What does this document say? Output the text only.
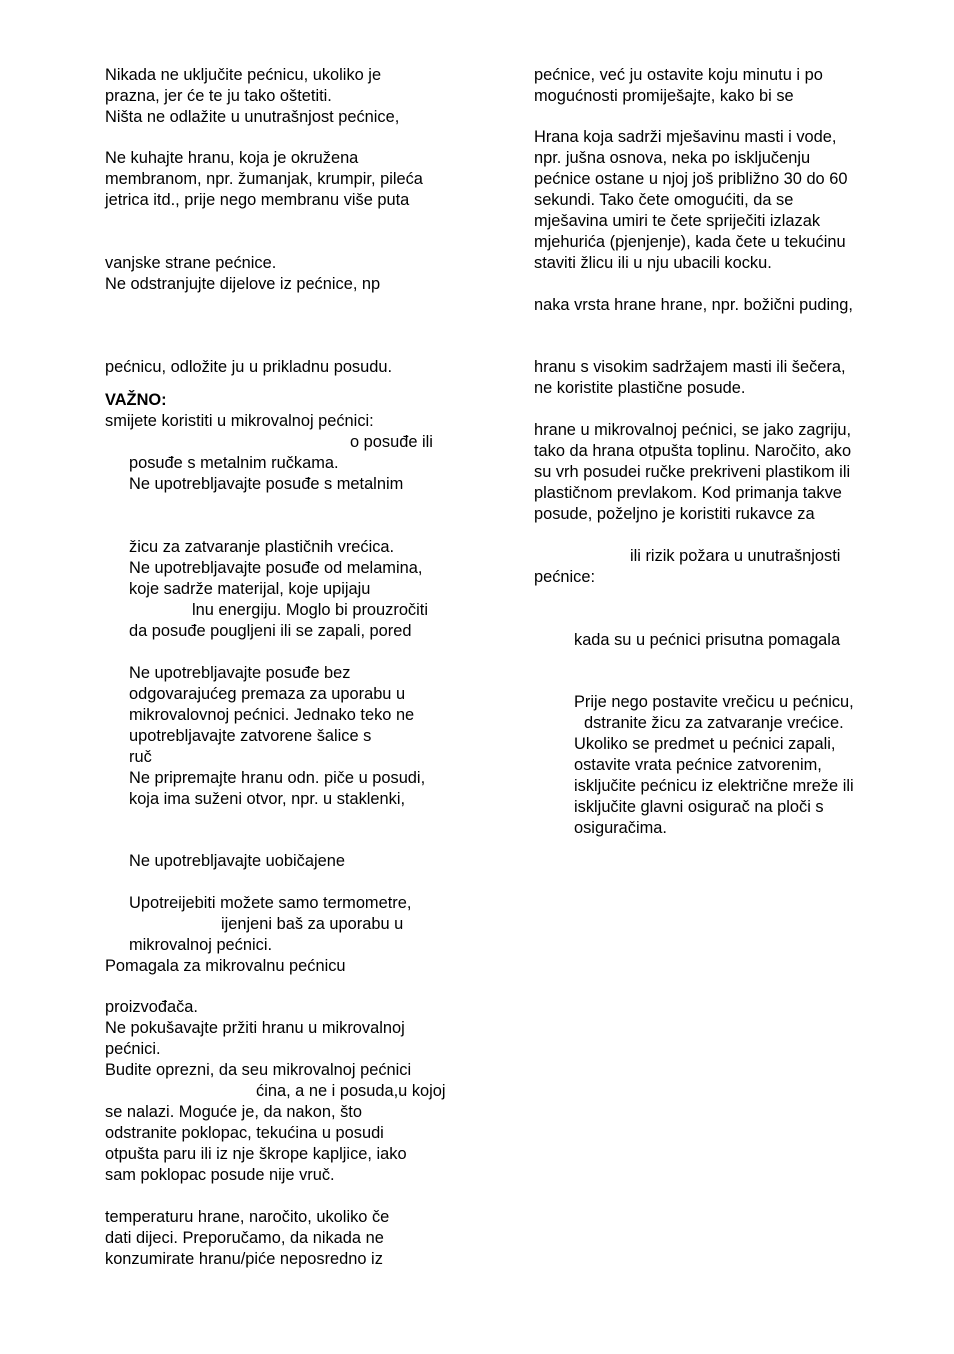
Nikada ne uključite pećnicu, ukoliko je
prazna, jer će te ju tako oštetiti.
Ništa ne odlažite u unutrašnjost pećnice,
Ne kuhajte hranu, koja je okružena
membranom, npr. žumanjak, krumpir, pileća
jetrica itd., prije nego membranu više puta
vanjske strane pećnice.
Ne odstranjujte dijelove iz pećnice, np
pećnicu, odložite ju u prikladnu posudu.
VAŽNO:
smijete koristiti u mikrovalnoj pećnici:
o posuđe ili
posuđe s metalnim ručkama.
Ne upotrebljavajte posuđe s metalnim
žicu za zatvaranje plastičnih vrećica.
Ne upotrebljavajte posuđe od melamina,
koje sadrže materijal, koje upijaju
lnu energiju. Moglo bi prouzročiti
da posuđe pougljeni ili se zapali, pored
Ne upotrebljavajte posuđe bez
odgovarajućeg premaza za uporabu u
mikrovalovnoj pećnici. Jednako teko ne
upotrebljavajte zatvorene šalice s
ruč
Ne pripremajte hranu odn. piče u posudi,
koja ima suženi otvor, npr. u staklenki,
Ne upotrebljavajte uobičajene
Upotreijebiti možete samo termometre,
ijenjeni baš za uporabu u
mikrovalnoj pećnici.
Pomagala za mikrovalnu pećnicu
proizvođača.
Ne pokušavajte pržiti hranu u mikrovalnoj
pećnici.
Budite oprezni, da seu mikrovalnoj pećnici
ćina, a ne i posuda,u kojoj
se nalazi. Moguće je, da nakon, što
odstranite poklopac, tekućina u posudi
otpušta paru ili iz nje škrope kapljice, iako
sam poklopac posude nije vruč.
temperaturu hrane, naročito, ukoliko če
dati dijeci. Preporučamo, da nikada ne
konzumirate hranu/piće neposredno iz
pećnice, već ju ostavite koju minutu i po
mogućnosti promiješajte, kako bi se
Hrana koja sadrži mješavinu masti i vode,
npr. jušna osnova, neka po isključenju
pećnice ostane u njoj još približno 30 do 60
sekundi. Tako čete omogućiti, da se
mješavina umiri te čete spriječiti izlazak
mjehurića (pjenjenje), kada čete u tekućinu
staviti žlicu ili u nju ubacili kocku.
naka vrsta hrane hrane, npr. božični puding,
hranu s visokim sadržajem masti ili šečera,
ne koristite plastične posude.
hrane u mikrovalnoj pećnici, se jako zagriju,
tako da hrana otpušta toplinu. Naročito, ako
su vrh posudei ručke prekriveni plastikom ili
plastičnom prevlakom. Kod primanja takve
posude, poželjno je koristiti rukavce za
ili rizik požara u unutrašnjosti
pećnice:
kada su u pećnici prisutna pomagala
Prije nego postavite vrečicu u pećnicu,
dstranite žicu za zatvaranje vrećice.
Ukoliko se predmet u pećnici zapali,
ostavite vrata pećnice zatvorenim,
isključite pećnicu iz električne mreže ili
isključite glavni osigurač na ploči s
osiguračima.
